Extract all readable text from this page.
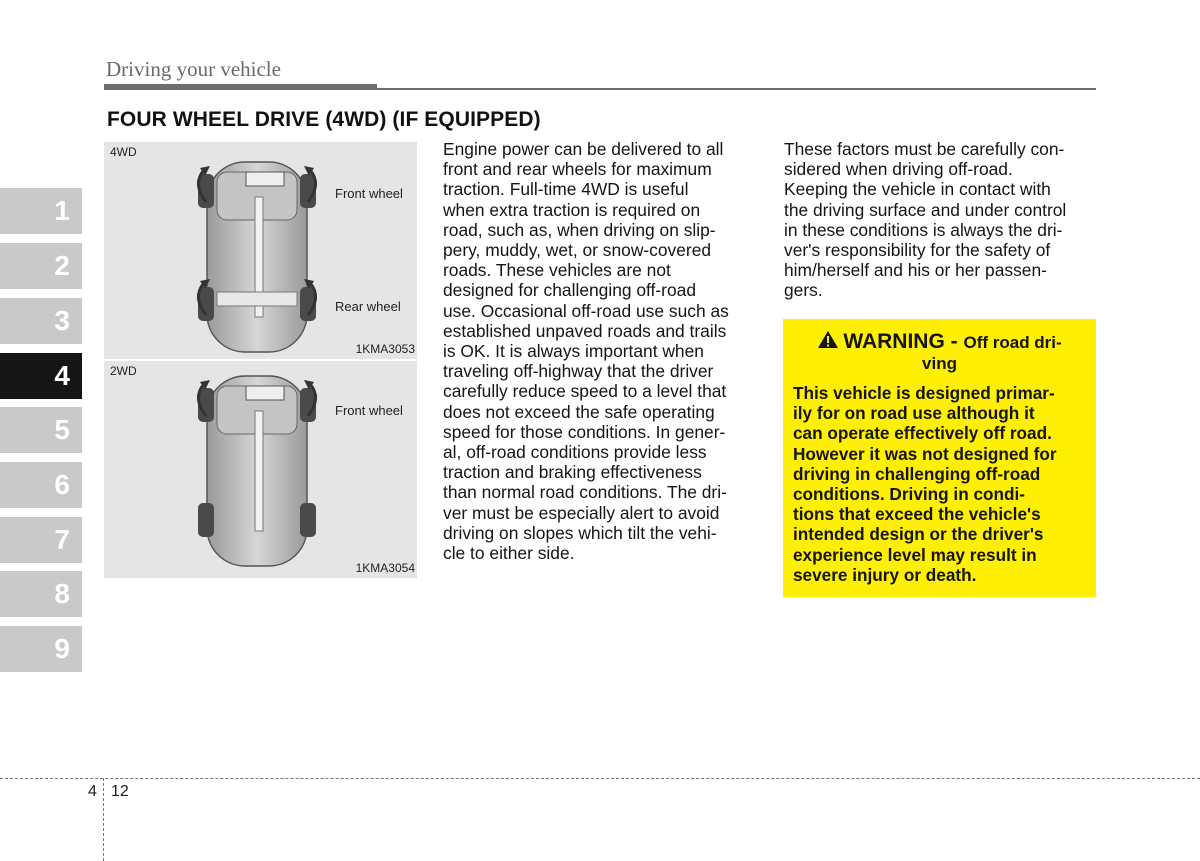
Driving your vehicle
FOUR WHEEL DRIVE (4WD) (IF EQUIPPED)
1
2
3
4
5
6
7
8
9
4WD
Front wheel
Rear wheel
1KMA3053
2WD
Front wheel
1KMA3054
Engine power can be delivered to all
front and rear wheels for maximum
traction. Full-time 4WD is useful
when extra traction is required on
road, such as, when driving on slip-
pery, muddy, wet, or snow-covered
roads. These vehicles are not
designed for challenging off-road
use. Occasional off-road use such as
established unpaved roads and trails
is OK. It is always important when
traveling off-highway that the driver
carefully reduce speed to a level that
does not exceed the safe operating
speed for those conditions. In gener-
al, off-road conditions provide less
traction and braking effectiveness
than normal road conditions. The dri-
ver must be especially alert to avoid
driving on slopes which tilt the vehi-
cle to either side.
These factors must be carefully con-
sidered when driving off-road.
Keeping the vehicle in contact with
the driving surface and under control
in these conditions is always the dri-
ver's responsibility for the safety of
him/herself and his or her passen-
gers.
WARNING - Off road dri-
ving
This vehicle is designed primar-
ily for on road use although it
can operate effectively off road.
However it was not designed for
driving in challenging off-road
conditions. Driving in condi-
tions that exceed the vehicle's
intended design or the driver's
experience level may result in
severe injury or death.
4 12
